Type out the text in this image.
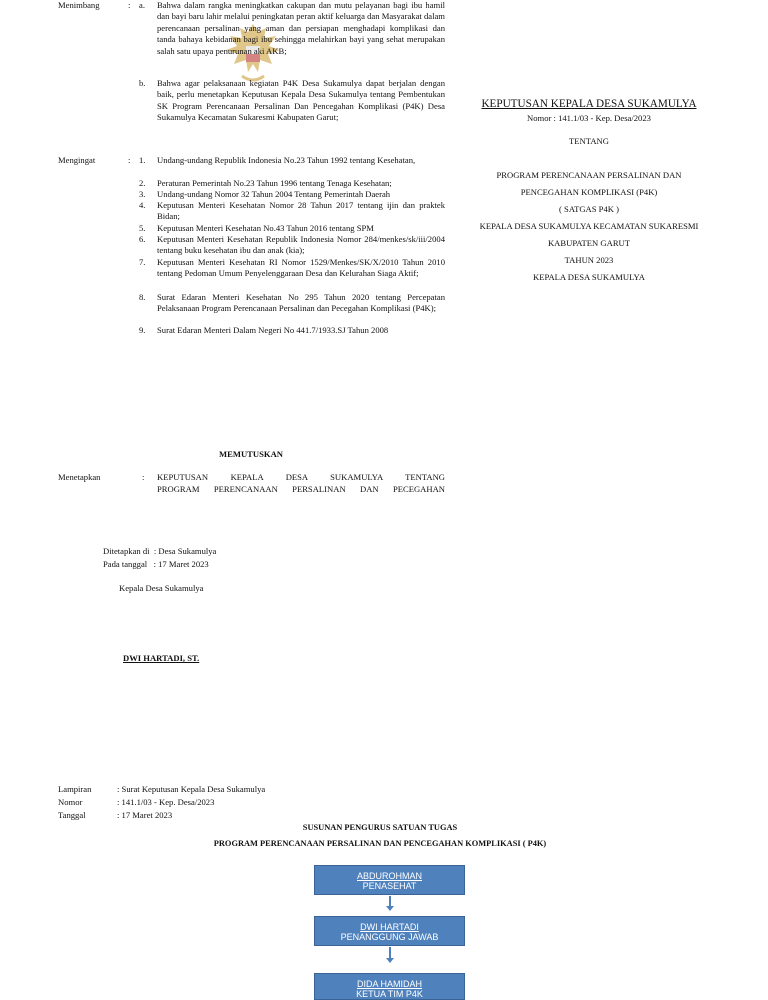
Menimbang	: a. Bahwa dalam rangka meningkatkan cakupan dan mutu pelayanan bagi ibu hamil dan bayi baru lahir melalui peningkatan peran aktif keluarga dan Masyarakat dalam perencanaan persalinan yang aman dan persiapan menghadapi komplikasi dan tanda bahaya kebidanan bagi ibu sehingga melahirkan bayi yang sehat merupakan salah satu upaya penurunan aki AKB;
b. Bahwa agar pelaksanaan kegiatan P4K Desa Sukamulya dapat berjalan dengan baik, perlu menetapkan Keputusan Kepala Desa Sukamulya tentang Pembentukan SK Program Perencanaan Persalinan Dan Pencegahan Komplikasi (P4K) Desa Sukamulya Kecamatan Sukaresmi Kabupaten Garut;
Mengingat	: 1. Undang-undang Republik Indonesia No.23 Tahun 1992 tentang Kesehatan,
2. Peraturan Pemerintah No.23 Tahun 1996 tentang Tenaga Kesehatan;
3. Undang-undang Nomor 32 Tahun 2004 Tentang Pemerintah Daerah
4. Keputusan Menteri Kesehatan Nomor 28 Tahun 2017 tentang ijin dan praktek Bidan;
5. Keputusan Menteri Kesehatan No.43 Tahun 2016 tentang SPM
6. Keputusan Menteri Kesehatan Republik Indonesia Nomor 284/menkes/sk/iii/2004 tentang buku kesehatan ibu dan anak (kia);
7. Keputusan Menteri Kesehatan RI Nomor 1529/Menkes/SK/X/2010 Tahun 2010 tentang Pedoman Umum Penyelenggaraan Desa dan Kelurahan Siaga Aktif;
8. Surat Edaran Menteri Kesehatan No 295 Tahun 2020 tentang Percepatan Pelaksanaan Program Perencanaan Persalinan dan Pecegahan Komplikasi (P4K);
9. Surat Edaran Menteri Dalam Negeri No 441.7/1933.SJ Tahun 2008
KEPUTUSAN KEPALA DESA SUKAMULYA
Nomor : 141.1/03 - Kep. Desa/2023
TENTANG
PROGRAM PERENCANAAN PERSALINAN DAN
PENCEGAHAN KOMPLIKASI (P4K)
( SATGAS P4K )
KEPALA DESA SUKAMULYA KECAMATAN SUKARESMI
KABUPATEN GARUT
TAHUN 2023
KEPALA DESA SUKAMULYA
MEMUTUSKAN
Menetapkan	: KEPUTUSAN KEPALA DESA SUKAMULYA TENTANG
PROGRAM PERENCANAAN PERSALINAN DAN PECEGAHAN
Ditetapkan di  : Desa Sukamulya
Pada tanggal   : 17 Maret 2023
Kepala Desa Sukamulya
DWI HARTADI, ST.
Lampiran	: Surat Keputusan Kepala Desa Sukamulya
Nomor	: 141.1/03 - Kep. Desa/2023
Tanggal	: 17 Maret 2023
SUSUNAN PENGURUS SATUAN TUGAS
PROGRAM PERENCANAAN PERSALINAN DAN PENCEGAHAN KOMPLIKASI ( P4K)
ABDUROHMAN
PENASEHAT
DWI HARTADI
PENANGGUNG JAWAB
DIDA HAMIDAH
KETUA TIM P4K
